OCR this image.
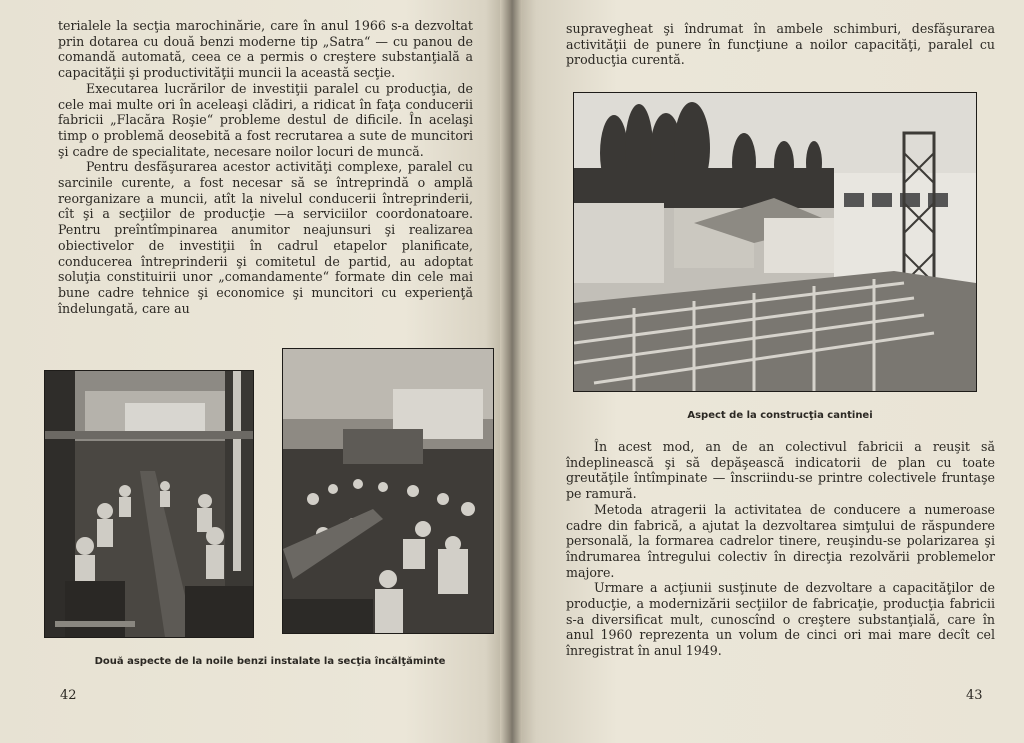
terialele la secţia marochinărie, care în anul 1966 s-a dezvoltat prin dotarea cu două benzi moderne tip „Satra“ — cu panou de comandă automată, ceea ce a permis o creştere substanţială a capacităţii şi productivităţii muncii la această secţie.

Executarea lucrărilor de investiţii paralel cu producţia, de cele mai multe ori în aceleaşi clădiri, a ridicat în faţa conducerii fabricii „Flacăra Roşie“ probleme destul de dificile. În acelaşi timp o problemă deosebită a fost recrutarea a sute de muncitori şi cadre de specialitate, necesare noilor locuri de muncă.

Pentru desfăşurarea acestor activităţi complexe, paralel cu sarcinile curente, a fost necesar să se întreprindă o amplă reorganizare a muncii, atît la nivelul conducerii întreprinderii, cît şi a secţiilor de producţie —a serviciilor coordonatoare. Pentru preîntîmpinarea anumitor neajunsuri şi realizarea obiectivelor de investiţii în cadrul etapelor planificate, conducerea întreprinderii şi comitetul de partid, au adoptat soluţia constituirii unor „comandamente“ formate din cele mai bune cadre tehnice şi economice şi muncitori cu experienţă îndelungată, care au

Două aspecte de la noile benzi instalate la secţia încălţăminte
42

supravegheat şi îndrumat în ambele schimburi, desfăşurarea activităţii de punere în funcţiune a noilor capacităţi, paralel cu producţia curentă.

Aspect de la construcţia cantinei

În acest mod, an de an colectivul fabricii a reuşit să îndeplinească şi să depăşească indicatorii de plan cu toate greutăţile întîmpinate — înscriindu-se printre colectivele fruntaşe pe ramură.

Metoda atragerii la activitatea de conducere a numeroase cadre din fabrică, a ajutat la dezvoltarea simţului de răspundere personală, la formarea cadrelor tinere, reuşindu-se polarizarea şi îndrumarea întregului colectiv în direcţia rezolvării problemelor majore.

Urmare a acţiunii susţinute de dezvoltare a capacităţilor de producţie, a modernizării secţiilor de fabricaţie, producţia fabricii s-a diversificat mult, cunoscînd o creştere substanţială, care în anul 1960 reprezenta un volum de cinci ori mai mare decît cel înregistrat în anul 1949.

43
